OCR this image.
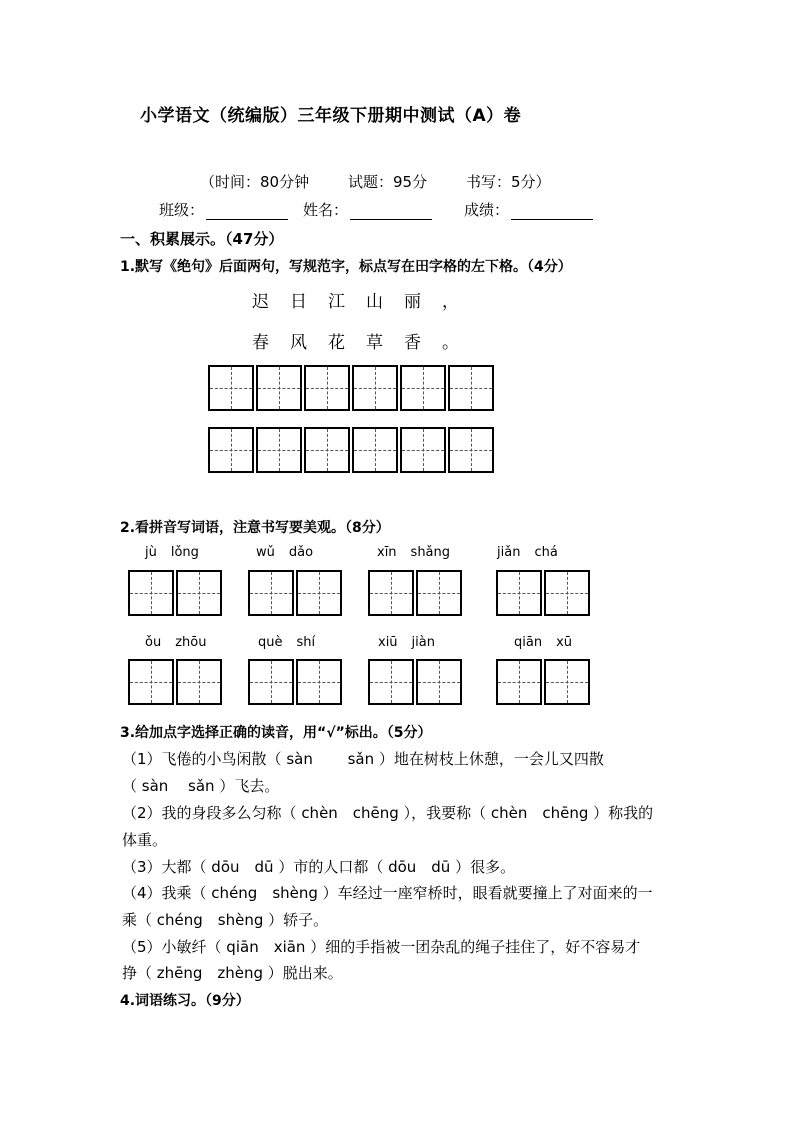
小学语文（统编版）三年级下册期中测试（A）卷
（时间：80分钟	试题：95分	书写：5分）
班级：	姓名：	成绩：
一、积累展示。（47分）
1.默写《绝句》后面两句，写规范字，标点写在田字格的左下格。（4分）
迟 日 江 山 丽 ，
春 风 花 草 香 。
2.看拼音写词语，注意书写要美观。（8分）
jù lǒng	wǔ dǎo	xīn shǎng	jiǎn chá
ǒu zhōu	què shí	xiū jiàn	qiān xū
3.给加点字选择正确的读音，用“√”标出。（5分）
（1）飞倦的小鸟闲散（ sàn　　 sǎn ）地在树枝上休憩，一会儿又四散
（ sàn　 sǎn ）飞去。
（2）我的身段多么匀称（ chèn　chēng ），我要称（ chèn　chēng ）称我的
体重。
（3）大都（ dōu　dū ）市的人口都（ dōu　dū ）很多。
（4）我乘（ chéng　shèng ）车经过一座窄桥时，眼看就要撞上了对面来的一
乘（ chéng　shèng ）轿子。
（5）小敏纤（ qiān　xiān ）细的手指被一团杂乱的绳子挂住了，好不容易才
挣（ zhēng　zhèng ）脱出来。
4.词语练习。（9分）
